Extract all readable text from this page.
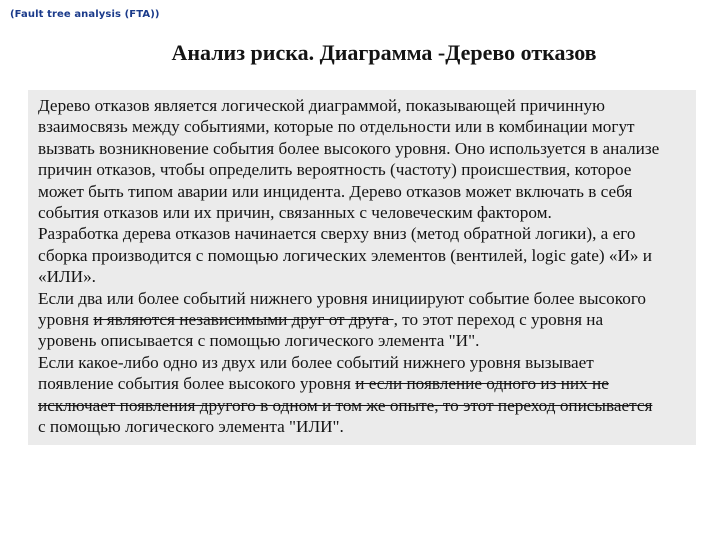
(Fault tree analysis (FTA))
Анализ риска. Диаграмма -Дерево отказов
Дерево отказов является логической диаграммой, показывающей причинную
взаимосвязь между событиями, которые по отдельности или в комбинации могут
вызвать возникновение события более высокого уровня. Оно используется в анализе
причин отказов, чтобы определить вероятность (частоту) происшествия, которое
может быть типом аварии или инцидента. Дерево отказов может включать в себя
события отказов или их причин, связанных с человеческим фактором.
Разработка дерева отказов начинается сверху вниз (метод обратной логики), а его
сборка производится с помощью логических элементов (вентилей, logic gate) «И» и
«ИЛИ».
Если два или более событий нижнего уровня инициируют событие более высокого
уровня и являются независимыми друг от друга , то этот переход с уровня на
уровень описывается с помощью логического элемента "И".
Если какое-либо одно из двух или более событий нижнего уровня вызывает
появление события более высокого уровня и если появление одного из них не
исключает появления другого в одном и том же опыте, то этот переход описывается
с помощью логического элемента "ИЛИ".
